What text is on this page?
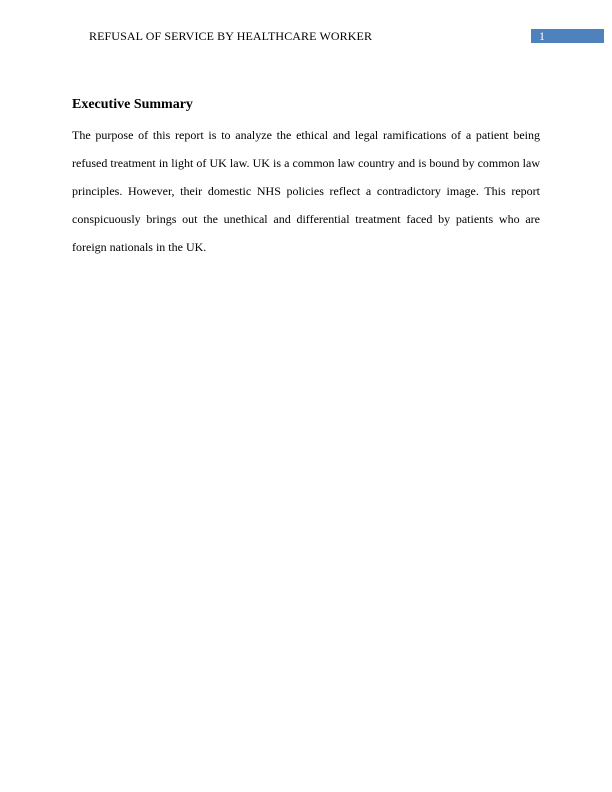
REFUSAL OF SERVICE BY HEALTHCARE WORKER	1
Executive Summary

The purpose of this report is to analyze the ethical and legal ramifications of a patient being refused treatment in light of UK law. UK is a common law country and is bound by common law principles. However, their domestic NHS policies reflect a contradictory image. This report conspicuously brings out the unethical and differential treatment faced by patients who are foreign nationals in the UK.
